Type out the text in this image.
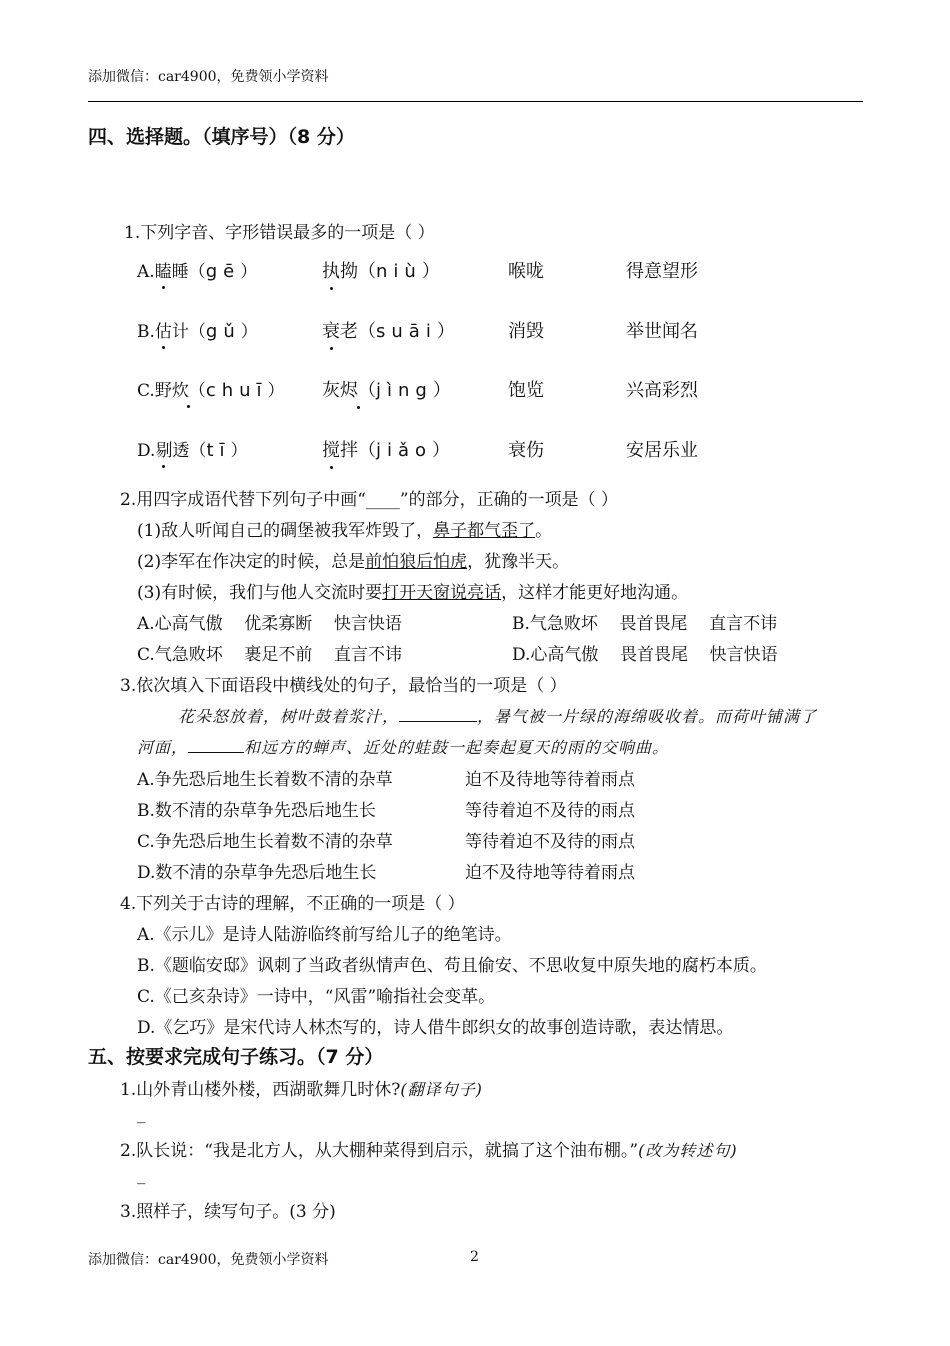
添加微信：car4900，免费领小学资料
四、选择题。（填序号）（8 分）
1.下列字音、字形错误最多的一项是（ ）
A.瞌睡（gē）	执拗（niù）	喉咙	得意望形
B.估计（gǔ）	衰老（suāi）	消毁	举世闻名
C.野炊（chuī） 灰烬（jìng）	饱览	兴高彩烈
D.剔透（tī）	搅拌（jiǎo）	衰伤	安居乐业
2.用四字成语代替下列句子中画“____”的部分，正确的一项是（ ）
(1)敌人听闻自己的碉堡被我军炸毁了，鼻子都气歪了。
(2)李军在作决定的时候，总是前怕狼后怕虎，犹豫半天。
(3)有时候，我们与他人交流时要打开天窗说亮话，这样才能更好地沟通。
A.心高气傲    优柔寡断    快言快语	B.气急败坏    畏首畏尾    直言不讳
C.气急败坏    裹足不前    直言不讳	D.心高气傲    畏首畏尾    快言快语
3.依次填入下面语段中横线处的句子，最恰当的一项是（ ）
花朵怒放着，树叶鼓着浆汁，	，暑气被一片绿的海绵吸收着。而荷叶铺满了
河面，	和远方的蝉声、近处的蛙鼓一起奏起夏天的雨的交响曲。
A.争先恐后地生长着数不清的杂草	迫不及待地等待着雨点
B.数不清的杂草争先恐后地生长	等待着迫不及待的雨点
C.争先恐后地生长着数不清的杂草	等待着迫不及待的雨点
D.数不清的杂草争先恐后地生长	迫不及待地等待着雨点
4.下列关于古诗的理解，不正确的一项是（ ）
A.《示儿》是诗人陆游临终前写给儿子的绝笔诗。
B.《题临安邸》讽刺了当政者纵情声色、苟且偷安、不思收复中原失地的腐朽本质。
C.《己亥杂诗》一诗中，“风雷”喻指社会变革。
D.《乞巧》是宋代诗人林杰写的，诗人借牛郎织女的故事创造诗歌，表达情思。
五、按要求完成句子练习。（7 分）
1.山外青山楼外楼，西湖歌舞几时休?(翻译句子)
_
2.队长说：“我是北方人，从大棚种菜得到启示，就搞了这个油布棚。”(改为转述句)
_
3.照样子，续写句子。(3 分)
添加微信：car4900，免费领小学资料	2
